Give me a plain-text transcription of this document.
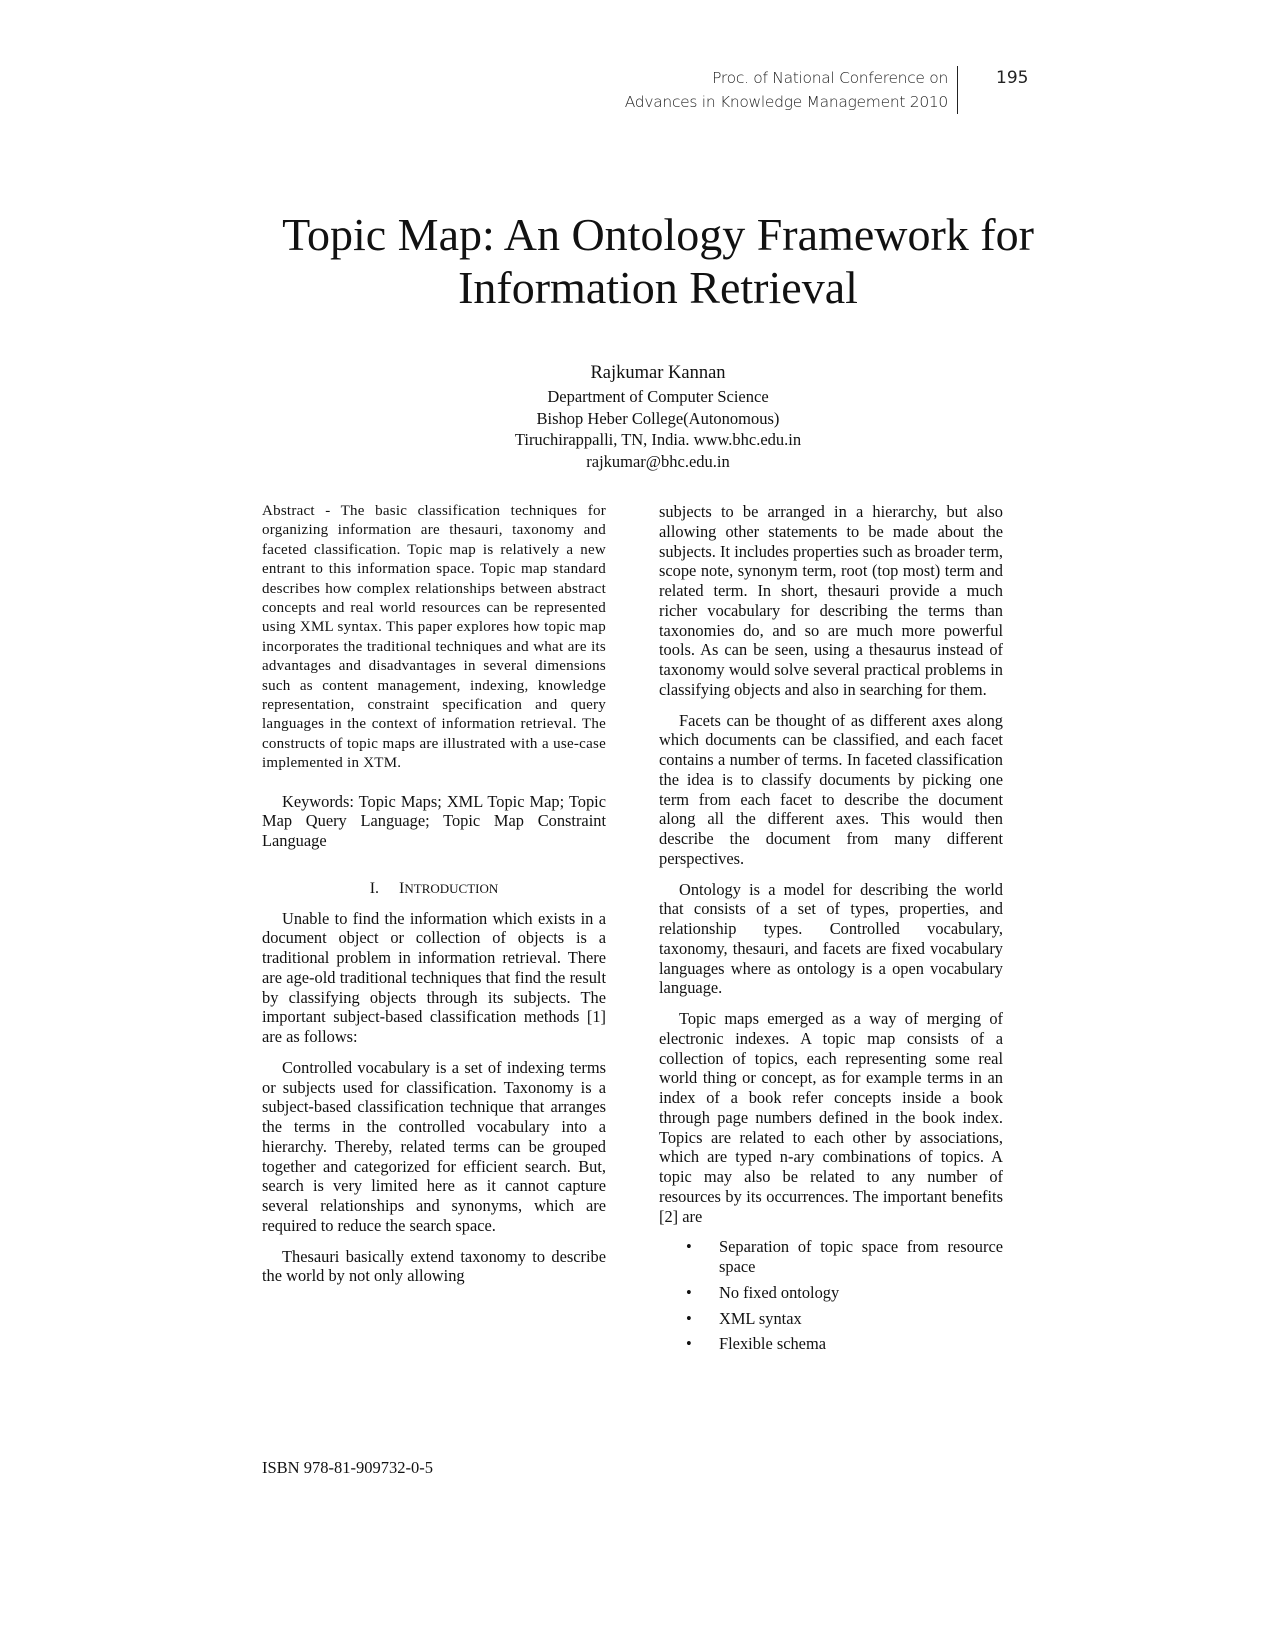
Proc. of National Conference on
Advances in Knowledge Management 2010
195
Topic Map: An Ontology Framework for
Information Retrieval
Rajkumar Kannan
Department of Computer Science
Bishop Heber College(Autonomous)
Tiruchirappalli, TN, India. www.bhc.edu.in
rajkumar@bhc.edu.in

Abstract - The basic classification techniques for organizing information are thesauri, taxonomy and faceted classification. Topic map is relatively a new entrant to this information space. Topic map standard describes how complex relationships between abstract concepts and real world resources can be represented using XML syntax. This paper explores how topic map incorporates the traditional techniques and what are its advantages and disadvantages in several dimensions such as content management, indexing, knowledge representation, constraint specification and query languages in the context of information retrieval. The constructs of topic maps are illustrated with a use-case implemented in XTM.

Keywords: Topic Maps; XML Topic Map; Topic Map Query Language; Topic Map Constraint Language

I. INTRODUCTION

Unable to find the information which exists in a document object or collection of objects is a traditional problem in information retrieval. There are age-old traditional techniques that find the result by classifying objects through its subjects. The important subject-based classification methods [1] are as follows:

Controlled vocabulary is a set of indexing terms or subjects used for classification. Taxonomy is a subject-based classification technique that arranges the terms in the controlled vocabulary into a hierarchy. Thereby, related terms can be grouped together and categorized for efficient search. But, search is very limited here as it cannot capture several relationships and synonyms, which are required to reduce the search space.

Thesauri basically extend taxonomy to describe the world by not only allowing

subjects to be arranged in a hierarchy, but also allowing other statements to be made about the subjects. It includes properties such as broader term, scope note, synonym term, root (top most) term and related term. In short, thesauri provide a much richer vocabulary for describing the terms than taxonomies do, and so are much more powerful tools. As can be seen, using a thesaurus instead of taxonomy would solve several practical problems in classifying objects and also in searching for them.

Facets can be thought of as different axes along which documents can be classified, and each facet contains a number of terms. In faceted classification the idea is to classify documents by picking one term from each facet to describe the document along all the different axes. This would then describe the document from many different perspectives.

Ontology is a model for describing the world that consists of a set of types, properties, and relationship types. Controlled vocabulary, taxonomy, thesauri, and facets are fixed vocabulary languages where as ontology is a open vocabulary language.

Topic maps emerged as a way of merging of electronic indexes. A topic map consists of a collection of topics, each representing some real world thing or concept, as for example terms in an index of a book refer concepts inside a book through page numbers defined in the book index. Topics are related to each other by associations, which are typed n-ary combinations of topics. A topic may also be related to any number of resources by its occurrences. The important benefits [2] are

• Separation of topic space from resource space
• No fixed ontology
• XML syntax
• Flexible schema
ISBN 978-81-909732-0-5
